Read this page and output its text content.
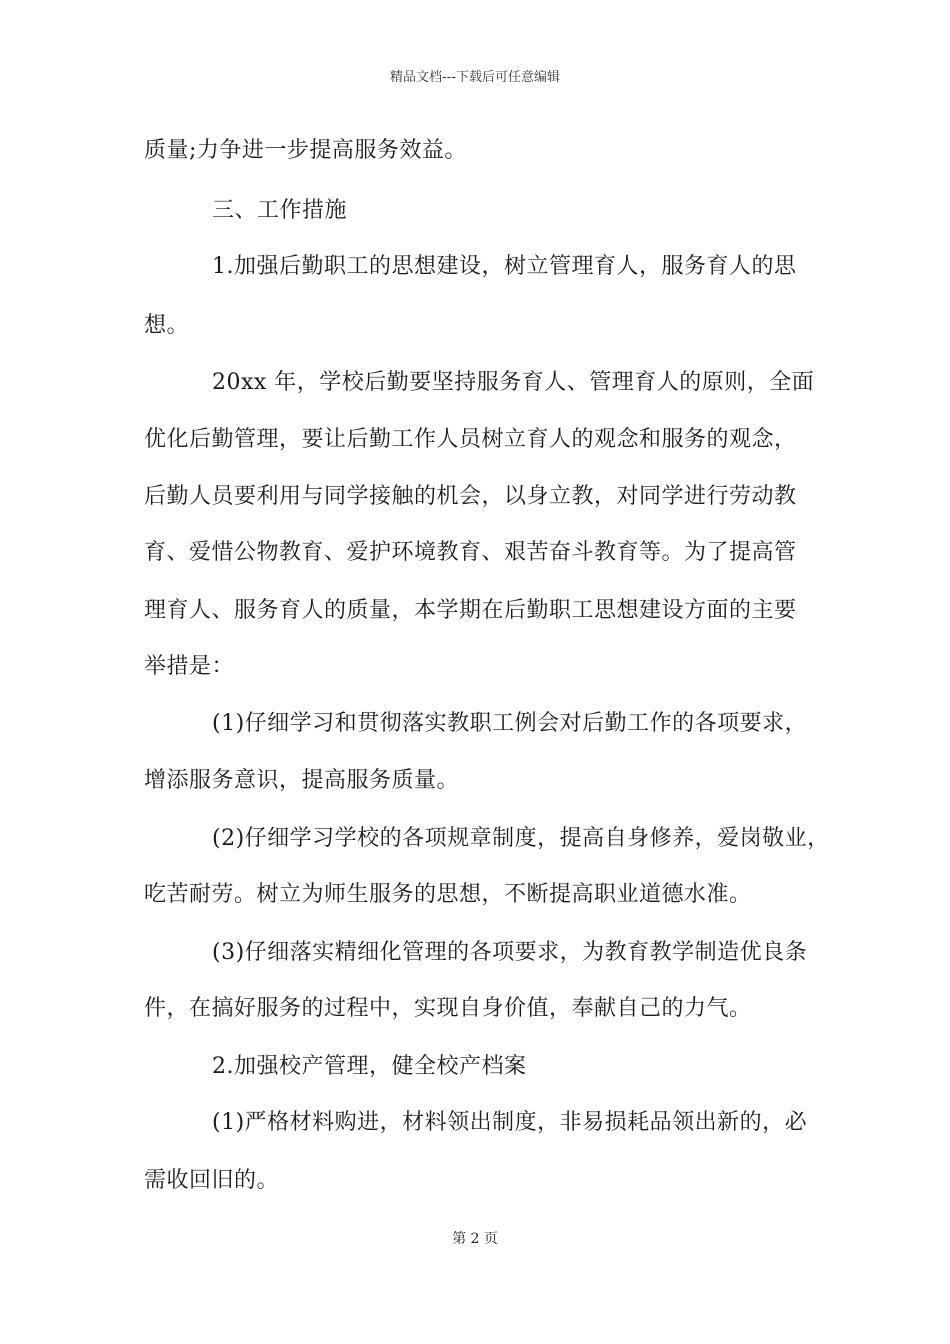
精品文档---下载后可任意编辑
质量;力争进一步提高服务效益。
三、工作措施
1.加强后勤职工的思想建设，树立管理育人，服务育人的思
想。
20xx 年，学校后勤要坚持服务育人、管理育人的原则，全面
优化后勤管理，要让后勤工作人员树立育人的观念和服务的观念，
后勤人员要利用与同学接触的机会，以身立教，对同学进行劳动教
育、爱惜公物教育、爱护环境教育、艰苦奋斗教育等。为了提高管
理育人、服务育人的质量，本学期在后勤职工思想建设方面的主要
举措是：
(1)仔细学习和贯彻落实教职工例会对后勤工作的各项要求，
增添服务意识，提高服务质量。
(2)仔细学习学校的各项规章制度，提高自身修养，爱岗敬业，
吃苦耐劳。树立为师生服务的思想，不断提高职业道德水准。
(3)仔细落实精细化管理的各项要求，为教育教学制造优良条
件，在搞好服务的过程中，实现自身价值，奉献自己的力气。
2.加强校产管理，健全校产档案
(1)严格材料购进，材料领出制度，非易损耗品领出新的，必
需收回旧的。
第 2 页
